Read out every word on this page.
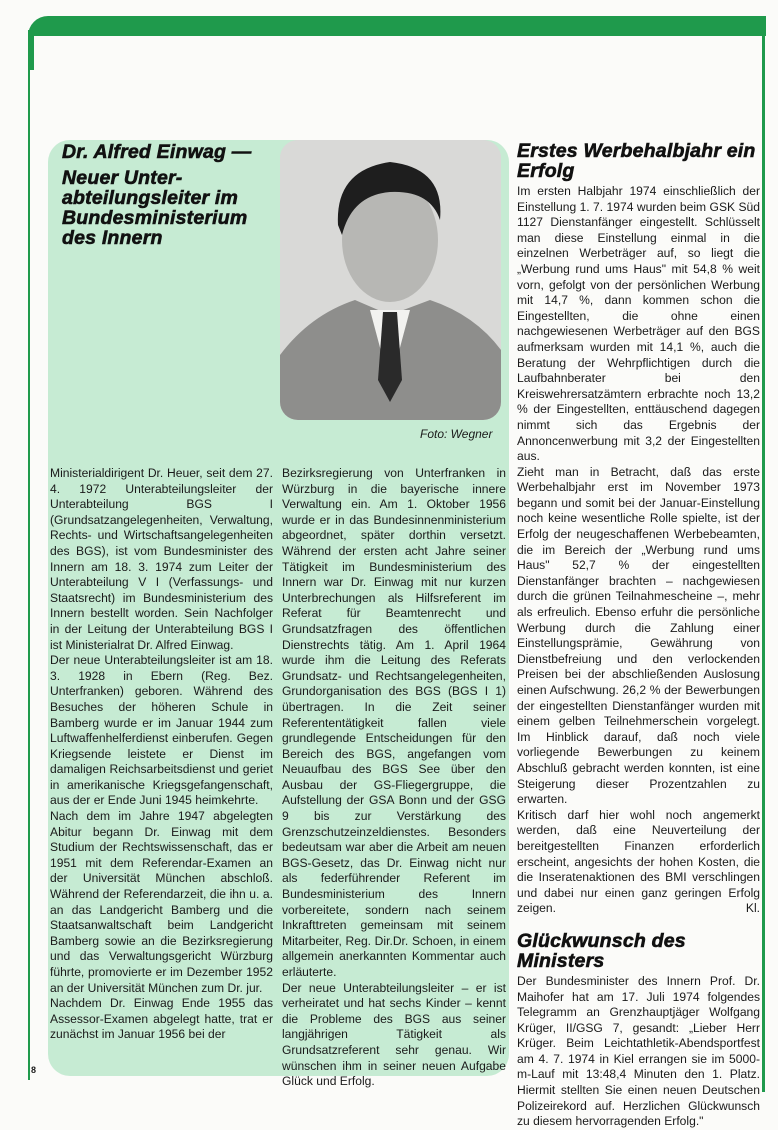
Dr. Alfred Einwag —
Neuer Unter-abteilungsleiter im Bundesministerium des Innern
Foto: Wegner

Ministerialdirigent Dr. Heuer, seit dem 27. 4. 1972 Unterabteilungsleiter der Unterabteilung BGS I (Grundsatzangelegenheiten, Verwaltung, Rechts- und Wirtschaftsangelegenheiten des BGS), ist vom Bundesminister des Innern am 18. 3. 1974 zum Leiter der Unterabteilung V I (Verfassungs- und Staatsrecht) im Bundesministerium des Innern bestellt worden. Sein Nachfolger in der Leitung der Unterabteilung BGS I ist Ministerialrat Dr. Alfred Einwag.

Der neue Unterabteilungsleiter ist am 18. 3. 1928 in Ebern (Reg. Bez. Unterfranken) geboren. Während des Besuches der höheren Schule in Bamberg wurde er im Januar 1944 zum Luftwaffenhelferdienst einberufen. Gegen Kriegsende leistete er Dienst im damaligen Reichsarbeitsdienst und geriet in amerikanische Kriegsgefangenschaft, aus der er Ende Juni 1945 heimkehrte.

Nach dem im Jahre 1947 abgelegten Abitur begann Dr. Einwag mit dem Studium der Rechtswissenschaft, das er 1951 mit dem Referendar-Examen an der Universität München abschloß. Während der Referendarzeit, die ihn u. a. an das Landgericht Bamberg und die Staatsanwaltschaft beim Landgericht Bamberg sowie an die Bezirksregierung und das Verwaltungsgericht Würzburg führte, promovierte er im Dezember 1952 an der Universität München zum Dr. jur.

Nachdem Dr. Einwag Ende 1955 das Assessor-Examen abgelegt hatte, trat er zunächst im Januar 1956 bei der

Bezirksregierung von Unterfranken in Würzburg in die bayerische innere Verwaltung ein. Am 1. Oktober 1956 wurde er in das Bundesinnenministerium abgeordnet, später dorthin versetzt. Während der ersten acht Jahre seiner Tätigkeit im Bundesministerium des Innern war Dr. Einwag mit nur kurzen Unterbrechungen als Hilfsreferent im Referat für Beamtenrecht und Grundsatzfragen des öffentlichen Dienstrechts tätig. Am 1. April 1964 wurde ihm die Leitung des Referats Grundsatz- und Rechtsangelegenheiten, Grundorganisation des BGS (BGS I 1) übertragen. In die Zeit seiner Referententätigkeit fallen viele grundlegende Entscheidungen für den Bereich des BGS, angefangen vom Neuaufbau des BGS See über den Ausbau der GS-Fliegergruppe, die Aufstellung der GSA Bonn und der GSG 9 bis zur Verstärkung des Grenzschutzeinzeldienstes. Besonders bedeutsam war aber die Arbeit am neuen BGS-Gesetz, das Dr. Einwag nicht nur als federführender Referent im Bundesministerium des Innern vorbereitete, sondern nach seinem Inkrafttreten gemeinsam mit seinem Mitarbeiter, Reg. Dir.Dr. Schoen, in einem allgemein anerkannten Kommentar auch erläuterte.

Der neue Unterabteilungsleiter – er ist verheiratet und hat sechs Kinder – kennt die Probleme des BGS aus seiner langjährigen Tätigkeit als Grundsatzreferent sehr genau. Wir wünschen ihm in seiner neuen Aufgabe Glück und Erfolg.

Erstes Werbehalbjahr ein Erfolg

Im ersten Halbjahr 1974 einschließlich der Einstellung 1. 7. 1974 wurden beim GSK Süd 1127 Dienstanfänger eingestellt. Schlüsselt man diese Einstellung einmal in die einzelnen Werbeträger auf, so liegt die „Werbung rund ums Haus" mit 54,8 % weit vorn, gefolgt von der persönlichen Werbung mit 14,7 %, dann kommen schon die Eingestellten, die ohne einen nachgewiesenen Werbeträger auf den BGS aufmerksam wurden mit 14,1 %, auch die Beratung der Wehrpflichtigen durch die Laufbahnberater bei den Kreiswehrersatzämtern erbrachte noch 13,2 % der Eingestellten, enttäuschend dagegen nimmt sich das Ergebnis der Annoncenwerbung mit 3,2 der Eingestellten aus.

Zieht man in Betracht, daß das erste Werbehalbjahr erst im November 1973 begann und somit bei der Januar-Einstellung noch keine wesentliche Rolle spielte, ist der Erfolg der neugeschaffenen Werbebeamten, die im Bereich der „Werbung rund ums Haus" 52,7 % der eingestellten Dienstanfänger brachten – nachgewiesen durch die grünen Teilnahmescheine –, mehr als erfreulich. Ebenso erfuhr die persönliche Werbung durch die Zahlung einer Einstellungsprämie, Gewährung von Dienstbefreiung und den verlockenden Preisen bei der abschließenden Auslosung einen Aufschwung. 26,2 % der Bewerbungen der eingestellten Dienstanfänger wurden mit einem gelben Teilnehmerschein vorgelegt. Im Hinblick darauf, daß noch viele vorliegende Bewerbungen zu keinem Abschluß gebracht werden konnten, ist eine Steigerung dieser Prozentzahlen zu erwarten.

Kritisch darf hier wohl noch angemerkt werden, daß eine Neuverteilung der bereitgestellten Finanzen erforderlich erscheint, angesichts der hohen Kosten, die die Inseratenaktionen des BMI verschlingen und dabei nur einen ganz geringen Erfolg zeigen.	Kl.

Glückwunsch des Ministers

Der Bundesminister des Innern Prof. Dr. Maihofer hat am 17. Juli 1974 folgendes Telegramm an Grenzhauptjäger Wolfgang Krüger, II/GSG 7, gesandt: „Lieber Herr Krüger. Beim Leichtathletik-Abendsportfest am 4. 7. 1974 in Kiel errangen sie im 5000-m-Lauf mit 13:48,4 Minuten den 1. Platz. Hiermit stellten Sie einen neuen Deutschen Polizeirekord auf. Herzlichen Glückwunsch zu diesem hervorragenden Erfolg."

8
